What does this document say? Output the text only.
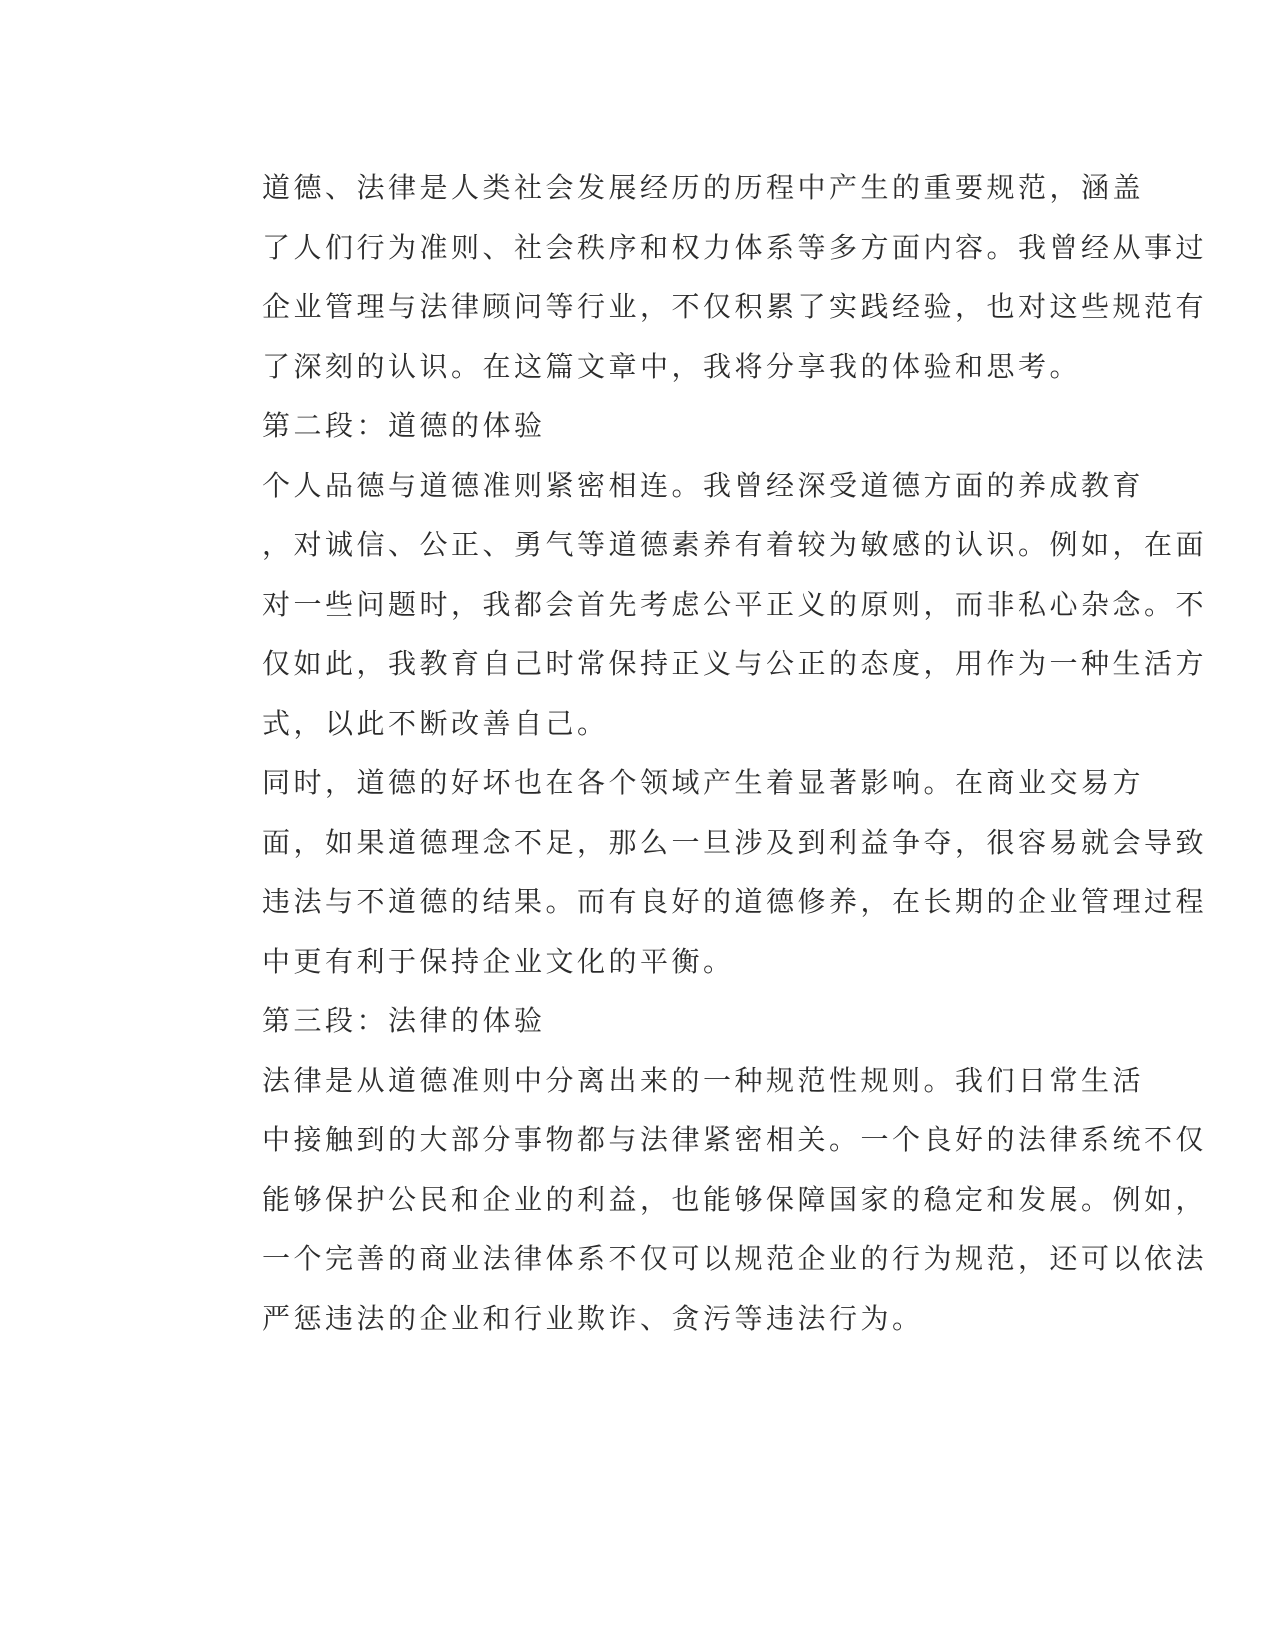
道德、法律是人类社会发展经历的历程中产生的重要规范，涵盖
了人们行为准则、社会秩序和权力体系等多方面内容。我曾经从事过
企业管理与法律顾问等行业，不仅积累了实践经验，也对这些规范有
了深刻的认识。在这篇文章中，我将分享我的体验和思考。

第二段：道德的体验

个人品德与道德准则紧密相连。我曾经深受道德方面的养成教育
，对诚信、公正、勇气等道德素养有着较为敏感的认识。例如，在面
对一些问题时，我都会首先考虑公平正义的原则，而非私心杂念。不
仅如此，我教育自己时常保持正义与公正的态度，用作为一种生活方
式，以此不断改善自己。

同时，道德的好坏也在各个领域产生着显著影响。在商业交易方
面，如果道德理念不足，那么一旦涉及到利益争夺，很容易就会导致
违法与不道德的结果。而有良好的道德修养，在长期的企业管理过程
中更有利于保持企业文化的平衡。

第三段：法律的体验

法律是从道德准则中分离出来的一种规范性规则。我们日常生活
中接触到的大部分事物都与法律紧密相关。一个良好的法律系统不仅
能够保护公民和企业的利益，也能够保障国家的稳定和发展。例如，
一个完善的商业法律体系不仅可以规范企业的行为规范，还可以依法
严惩违法的企业和行业欺诈、贪污等违法行为。
